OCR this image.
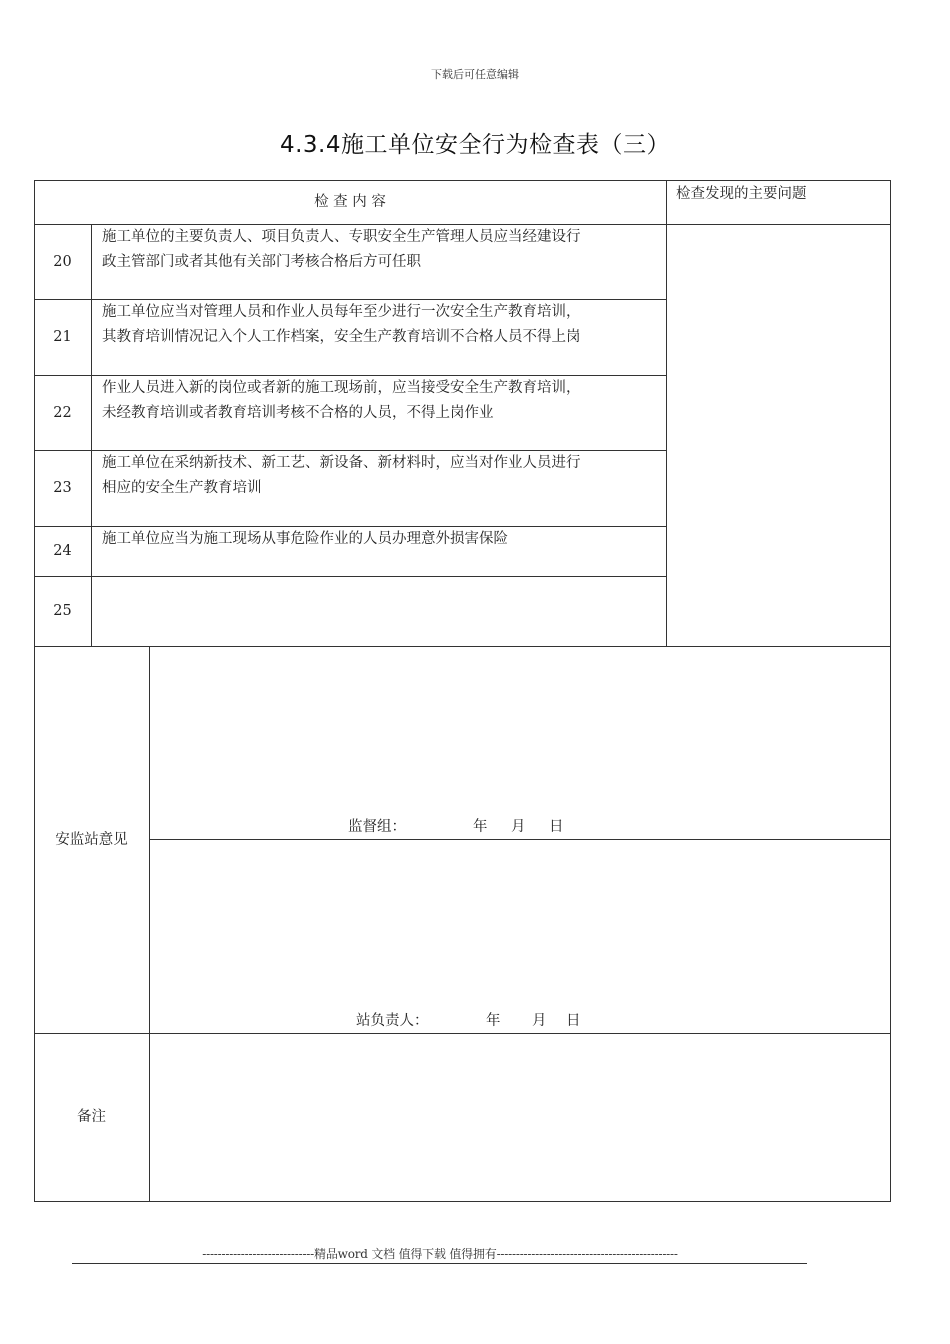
下载后可任意编辑
4.3.4施工单位安全行为检查表（三）
检 查 内 容	检查发现的主要问题
20
施工单位的主要负责人、项目负责人、专职安全生产管理人员应当经建设行
政主管部门或者其他有关部门考核合格后方可任职
21
施工单位应当对管理人员和作业人员每年至少进行一次安全生产教育培训，
其教育培训情况记入个人工作档案，安全生产教育培训不合格人员不得上岗
22
作业人员进入新的岗位或者新的施工现场前，应当接受安全生产教育培训，
未经教育培训或者教育培训考核不合格的人员，不得上岗作业
23
施工单位在采纳新技术、新工艺、新设备、新材料时，应当对作业人员进行
相应的安全生产教育培训
24
施工单位应当为施工现场从事危险作业的人员办理意外损害保险
25
安监站意见
监督组：	年 月 日
站负责人：	年 月 日
备注
-----------------------------精品word 文档 值得下载 值得拥有-----------------------------------------------
